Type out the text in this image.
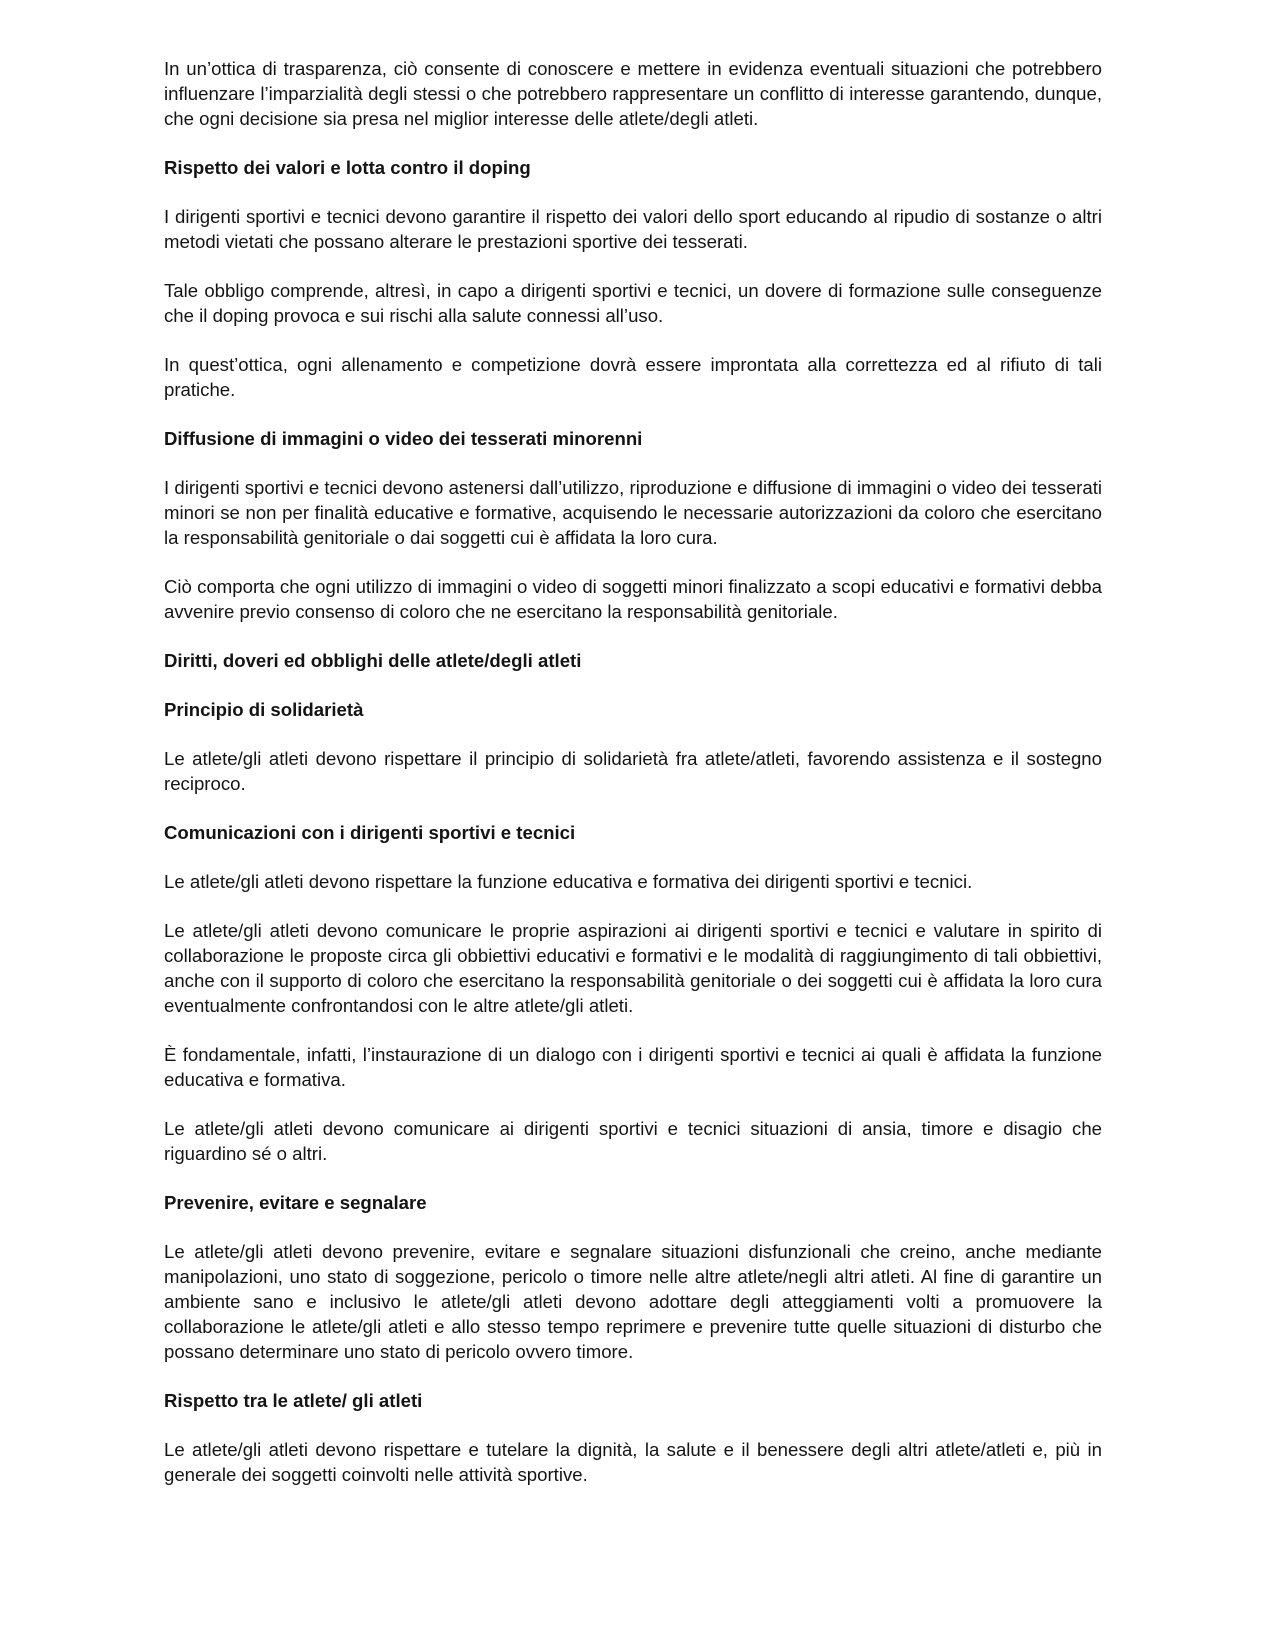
In un’ottica di trasparenza, ciò consente di conoscere e mettere in evidenza eventuali situazioni che potrebbero influenzare l’imparzialità degli stessi o che potrebbero rappresentare un conflitto di interesse garantendo, dunque, che ogni decisione sia presa nel miglior interesse delle atlete/degli atleti.

Rispetto dei valori e lotta contro il doping

I dirigenti sportivi e tecnici devono garantire il rispetto dei valori dello sport educando al ripudio di sostanze o altri metodi vietati che possano alterare le prestazioni sportive dei tesserati.

Tale obbligo comprende, altresì, in capo a dirigenti sportivi e tecnici, un dovere di formazione sulle conseguenze che il doping provoca e sui rischi alla salute connessi all’uso.

In quest’ottica, ogni allenamento e competizione dovrà essere improntata alla correttezza ed al rifiuto di tali pratiche.

Diffusione di immagini o video dei tesserati minorenni

I dirigenti sportivi e tecnici devono astenersi dall’utilizzo, riproduzione e diffusione di immagini o video dei tesserati minori se non per finalità educative e formative, acquisendo le necessarie autorizzazioni da coloro che esercitano la responsabilità genitoriale o dai soggetti cui è affidata la loro cura.

Ciò comporta che ogni utilizzo di immagini o video di soggetti minori finalizzato a scopi educativi e formativi debba avvenire previo consenso di coloro che ne esercitano la responsabilità genitoriale.

Diritti, doveri ed obblighi delle atlete/degli atleti
Principio di solidarietà

Le atlete/gli atleti devono rispettare il principio di solidarietà fra atlete/atleti, favorendo assistenza e il sostegno reciproco.

Comunicazioni con i dirigenti sportivi e tecnici

Le atlete/gli atleti devono rispettare la funzione educativa e formativa dei dirigenti sportivi e tecnici.

Le atlete/gli atleti devono comunicare le proprie aspirazioni ai dirigenti sportivi e tecnici e valutare in spirito di collaborazione le proposte circa gli obbiettivi educativi e formativi e le modalità di raggiungimento di tali obbiettivi, anche con il supporto di coloro che esercitano la responsabilità genitoriale o dei soggetti cui è affidata la loro cura eventualmente confrontandosi con le altre atlete/gli atleti.

È fondamentale, infatti, l’instaurazione di un dialogo con i dirigenti sportivi e tecnici ai quali è affidata la funzione educativa e formativa.

Le atlete/gli atleti devono comunicare ai dirigenti sportivi e tecnici situazioni di ansia, timore e disagio che riguardino sé o altri.

Prevenire, evitare e segnalare

Le atlete/gli atleti devono prevenire, evitare e segnalare situazioni disfunzionali che creino, anche mediante manipolazioni, uno stato di soggezione, pericolo o timore nelle altre atlete/negli altri atleti. Al fine di garantire un ambiente sano e inclusivo le atlete/gli atleti devono adottare degli atteggiamenti volti a promuovere la collaborazione le atlete/gli atleti e allo stesso tempo reprimere e prevenire tutte quelle situazioni di disturbo che possano determinare uno stato di pericolo ovvero timore.

Rispetto tra le atlete/ gli atleti

Le atlete/gli atleti devono rispettare e tutelare la dignità, la salute e il benessere degli altri atlete/atleti e, più in generale dei soggetti coinvolti nelle attività sportive.
